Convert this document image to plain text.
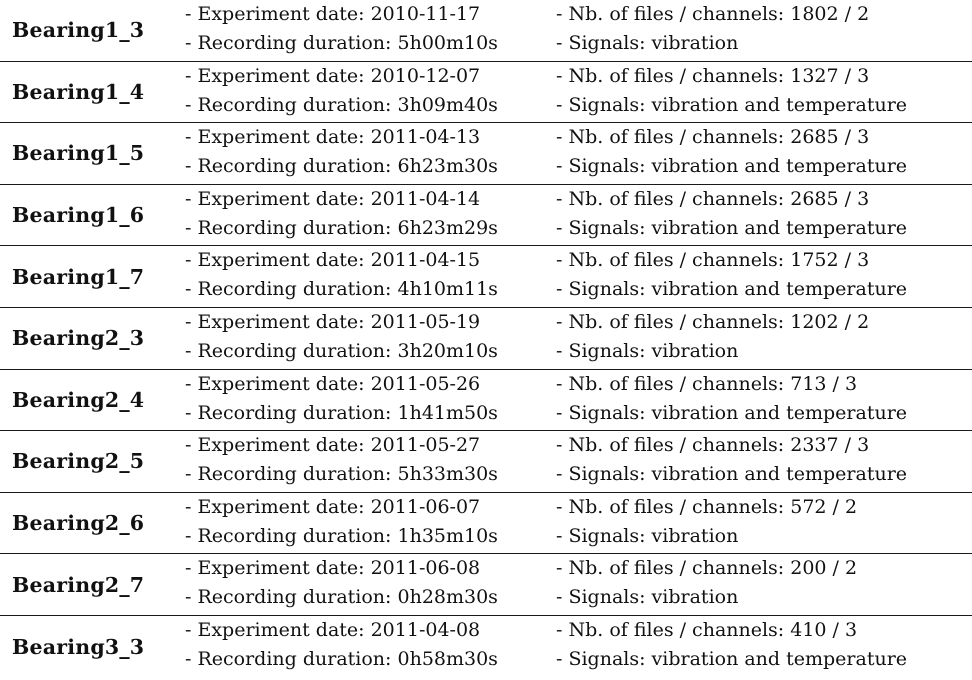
Bearing1_3
- Experiment date: 2010-11-17
- Recording duration: 5h00m10s
- Nb. of files / channels: 1802 / 2
- Signals: vibration
Bearing1_4
- Experiment date: 2010-12-07
- Recording duration: 3h09m40s
- Nb. of files / channels: 1327 / 3
- Signals: vibration and temperature
Bearing1_5
- Experiment date: 2011-04-13
- Recording duration: 6h23m30s
- Nb. of files / channels: 2685 / 3
- Signals: vibration and temperature
Bearing1_6
- Experiment date: 2011-04-14
- Recording duration: 6h23m29s
- Nb. of files / channels: 2685 / 3
- Signals: vibration and temperature
Bearing1_7
- Experiment date: 2011-04-15
- Recording duration: 4h10m11s
- Nb. of files / channels: 1752 / 3
- Signals: vibration and temperature
Bearing2_3
- Experiment date: 2011-05-19
- Recording duration: 3h20m10s
- Nb. of files / channels: 1202 / 2
- Signals: vibration
Bearing2_4
- Experiment date: 2011-05-26
- Recording duration: 1h41m50s
- Nb. of files / channels: 713 / 3
- Signals: vibration and temperature
Bearing2_5
- Experiment date: 2011-05-27
- Recording duration: 5h33m30s
- Nb. of files / channels: 2337 / 3
- Signals: vibration and temperature
Bearing2_6
- Experiment date: 2011-06-07
- Recording duration: 1h35m10s
- Nb. of files / channels: 572 / 2
- Signals: vibration
Bearing2_7
- Experiment date: 2011-06-08
- Recording duration: 0h28m30s
- Nb. of files / channels: 200 / 2
- Signals: vibration
Bearing3_3
- Experiment date: 2011-04-08
- Recording duration: 0h58m30s
- Nb. of files / channels: 410 / 3
- Signals: vibration and temperature
